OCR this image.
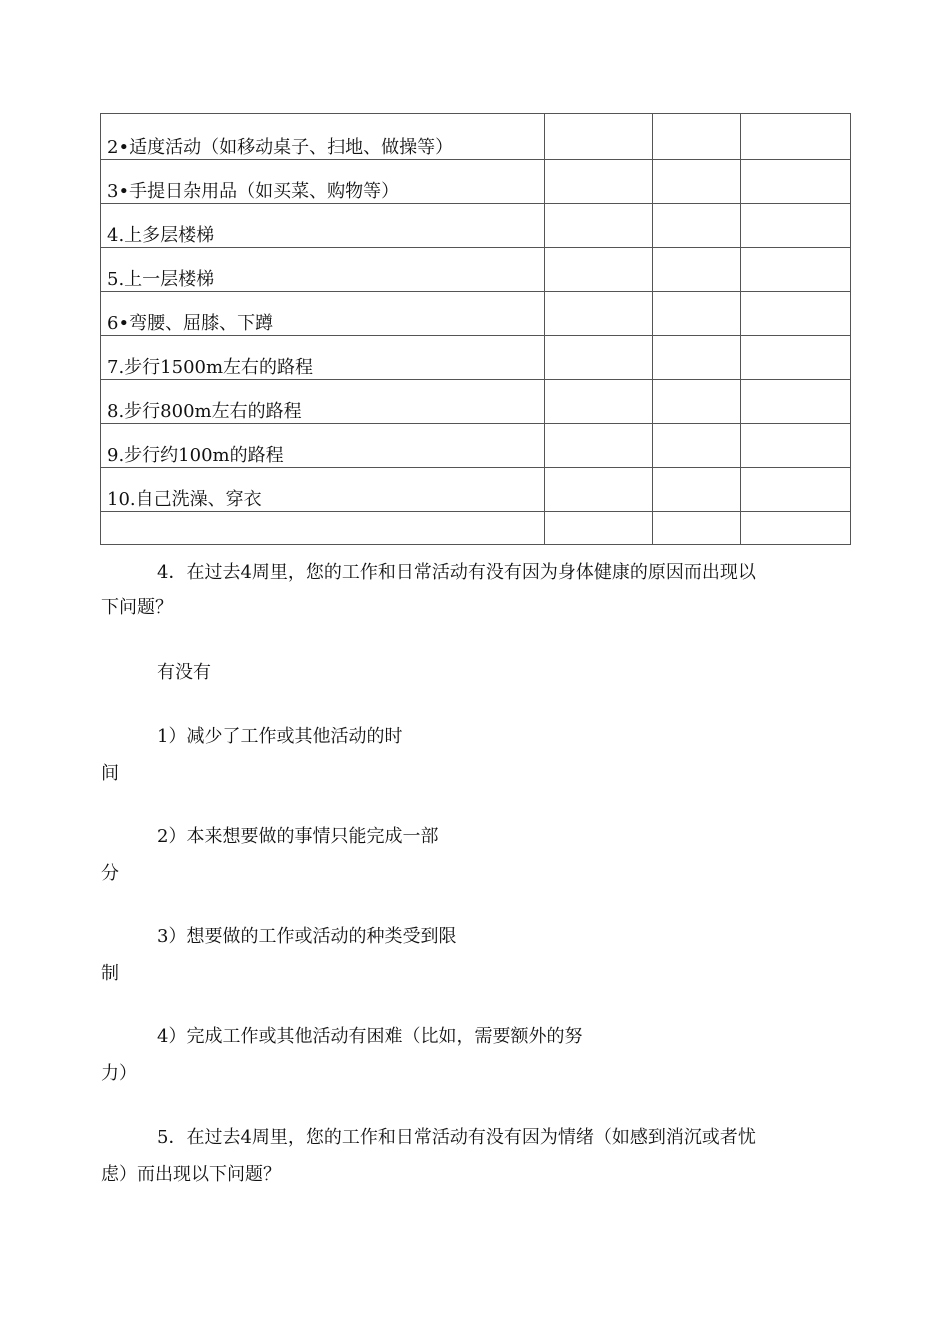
2•适度活动（如移动桌子、扫地、做操等）			
3•手提日杂用品（如买菜、购物等）			
4.上多层楼梯			
5.上一层楼梯			
6•弯腰、屈膝、下蹲			
7.步行1500m左右的路程			
8.步行800m左右的路程			
9.步行约100m的路程			
10.自己洗澡、穿衣			

4．在过去4周里，您的工作和日常活动有没有因为身体健康的原因而出现以

下问题？

有没有

1）减少了工作或其他活动的时

间

2）本来想要做的事情只能完成一部

分

3）想要做的工作或活动的种类受到限

制

4）完成工作或其他活动有困难（比如，需要额外的努

力）

5．在过去4周里，您的工作和日常活动有没有因为情绪（如感到消沉或者忧

虑）而出现以下问题？
